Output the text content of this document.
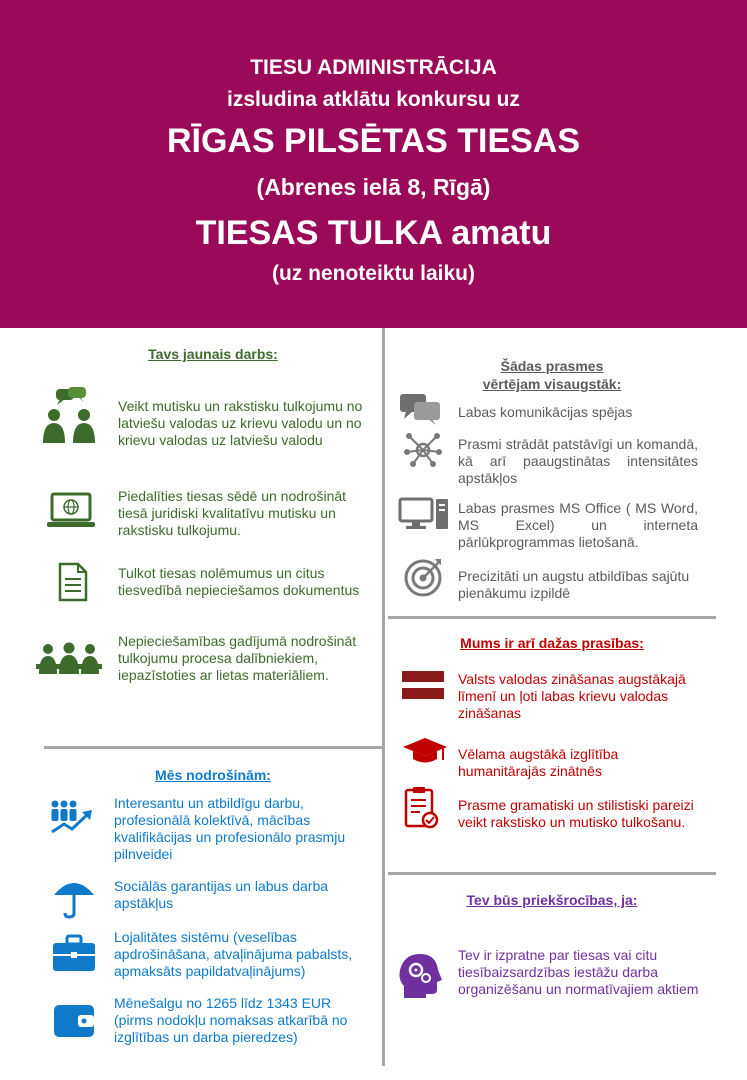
TIESU ADMINISTRĀCIJA
izsludina atklātu konkursu uz
RĪGAS PILSĒTAS TIESAS
(Abrenes ielā 8, Rīgā)
TIESAS TULKA amatu
(uz nenoteiktu laiku)
Tavs jaunais darbs:
Veikt mutisku un rakstisku tulkojumu no latviešu valodas uz krievu valodu un no krievu valodas uz latviešu valodu
Piedalīties tiesas sēdē un nodrošināt tiesā juridiski kvalitatīvu mutisku un rakstisku tulkojumu.
Tulkot tiesas nolēmumus un citus tiesvedībā nepieciešamos dokumentus
Nepieciešamības gadījumā nodrošināt tulkojumu procesa dalībniekiem, iepazīstoties ar lietas materiāliem.
Mēs nodrošinām:
Interesantu un atbildīgu darbu, profesionālā kolektīvā, mācības kvalifikācijas un profesionālo prasmju pilnveidei
Sociālās garantijas un labus darba apstākļus
Lojalitātes sistēmu (veselības apdrošināšana, atvaļinājuma pabalsts, apmaksāts papildatvaļinājums)
Mēnešalgu no 1265 līdz 1343 EUR (pirms nodokļu nomaksas atkarībā no izglītības un darba pieredzes)
Šādas prasmes
vērtējam visaugstāk:
Labas komunikācijas spējas
Prasmi strādāt patstāvīgi un komandā, kā arī paaugstinātas intensitātes apstākļos
Labas prasmes MS Office ( MS Word, MS Excel) un interneta pārlūkprogrammas lietošanā.
Precizitāti un augstu atbildības sajūtu pienākumu izpildē
Mums ir arī dažas prasības:
Valsts valodas zināšanas augstākajā līmenī un ļoti labas krievu valodas zināšanas
Vēlama augstākā izglītība humanitārajās zinātnēs
Prasme gramatiski un stilistiski pareizi veikt rakstisko un mutisko tulkošanu.
Tev būs priekšrocības, ja:
Tev ir izpratne par tiesas vai citu tiesībaizsardzības iestāžu darba organizēšanu un normatīvajiem aktiem
